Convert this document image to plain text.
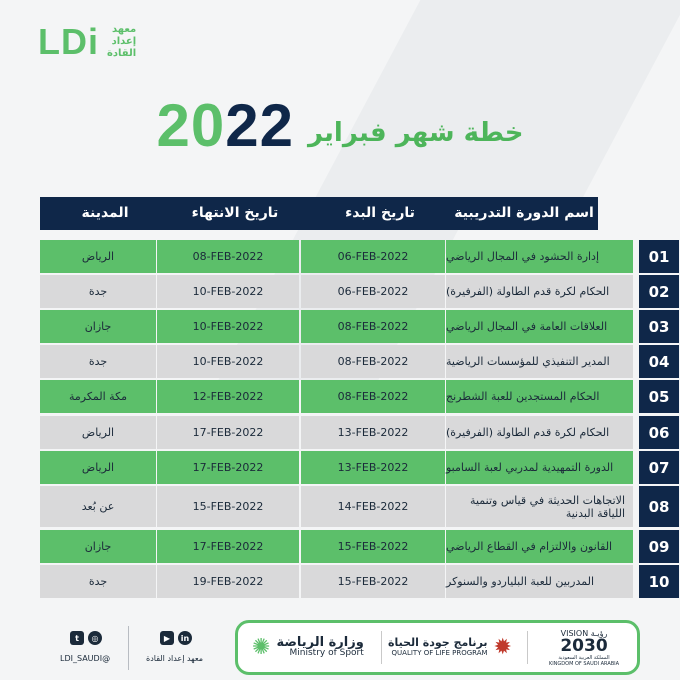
LDi	معهد
إعداد
القادة
2022 خطة شهر فبراير
المدينة	تاريخ الانتهاء	تاريخ البدء	اسم الدورة التدريبية
الرياض	08-FEB-2022	06-FEB-2022	إدارة الحشود في المجال الرياضي	01
جدة	10-FEB-2022	06-FEB-2022	الحكام لكرة قدم الطاولة (الفرفيرة)	02
جازان	10-FEB-2022	08-FEB-2022	العلاقات العامة في المجال الرياضي	03
جدة	10-FEB-2022	08-FEB-2022	المدير التنفيذي للمؤسسات الرياضية	04
مكة المكرمة	12-FEB-2022	08-FEB-2022	الحكام المستجدين للعبة الشطرنج	05
الرياض	17-FEB-2022	13-FEB-2022	الحكام لكرة قدم الطاولة (الفرفيرة)	06
الرياض	17-FEB-2022	13-FEB-2022	الدورة التمهيدية لمدربي لعبة السامبو	07
عن بُعد	15-FEB-2022	14-FEB-2022	الاتجاهات الحديثة في قياس وتنمية اللياقة البدنية	08
جازان	17-FEB-2022	15-FEB-2022	القانون والالتزام في القطاع الرياضي	09
جدة	19-FEB-2022	15-FEB-2022	المدربين للعبة البلياردو والسنوكر	10
t	◎
@LDI_SAUDI
▶	in
معهد إعداد القادة ✺ وزارة الرياضة
Ministry of Sport
برنامج جودة الحياة
QUALITY OF LIFE PROGRAM ✹
VISION رؤيـة
2030
المملكة العربية السعودية
KINGDOM OF SAUDI ARABIA
